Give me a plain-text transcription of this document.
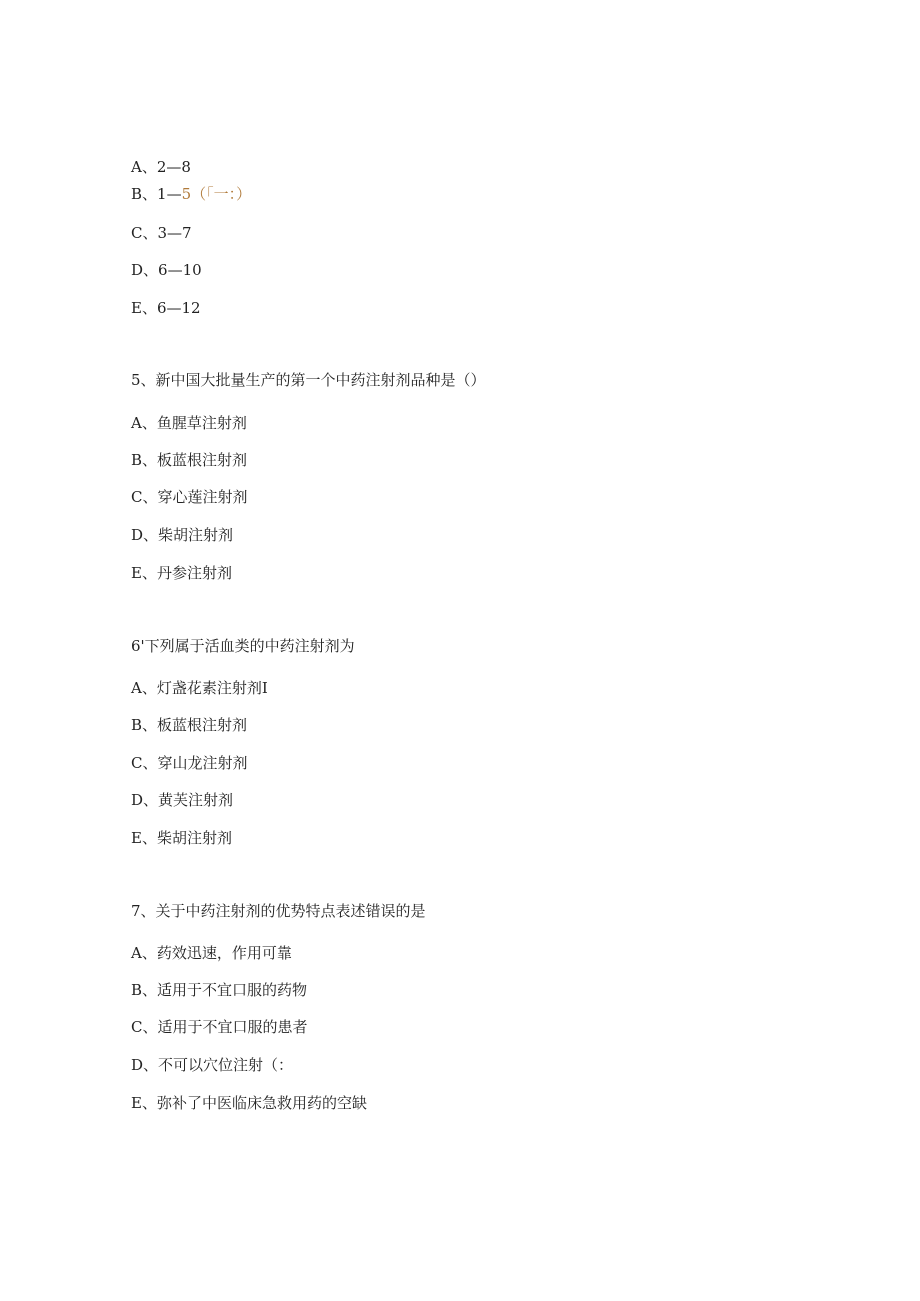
A、2—8
B、1—5（「一：）
C、3—7
D、6—10
E、6—12
5、新中国大批量生产的第一个中药注射剂品种是（）
A、鱼腥草注射剂
B、板蓝根注射剂
C、穿心莲注射剂
D、柴胡注射剂
E、丹参注射剂
6'下列属于活血类的中药注射剂为
A、灯盏花素注射剂I
B、板蓝根注射剂
C、穿山龙注射剂
D、黄芙注射剂
E、柴胡注射剂
7、关于中药注射剂的优势特点表述错误的是
A、药效迅速，作用可靠
B、适用于不宜口服的药物
C、适用于不宜口服的患者
D、不可以穴位注射（：
E、弥补了中医临床急救用药的空缺
